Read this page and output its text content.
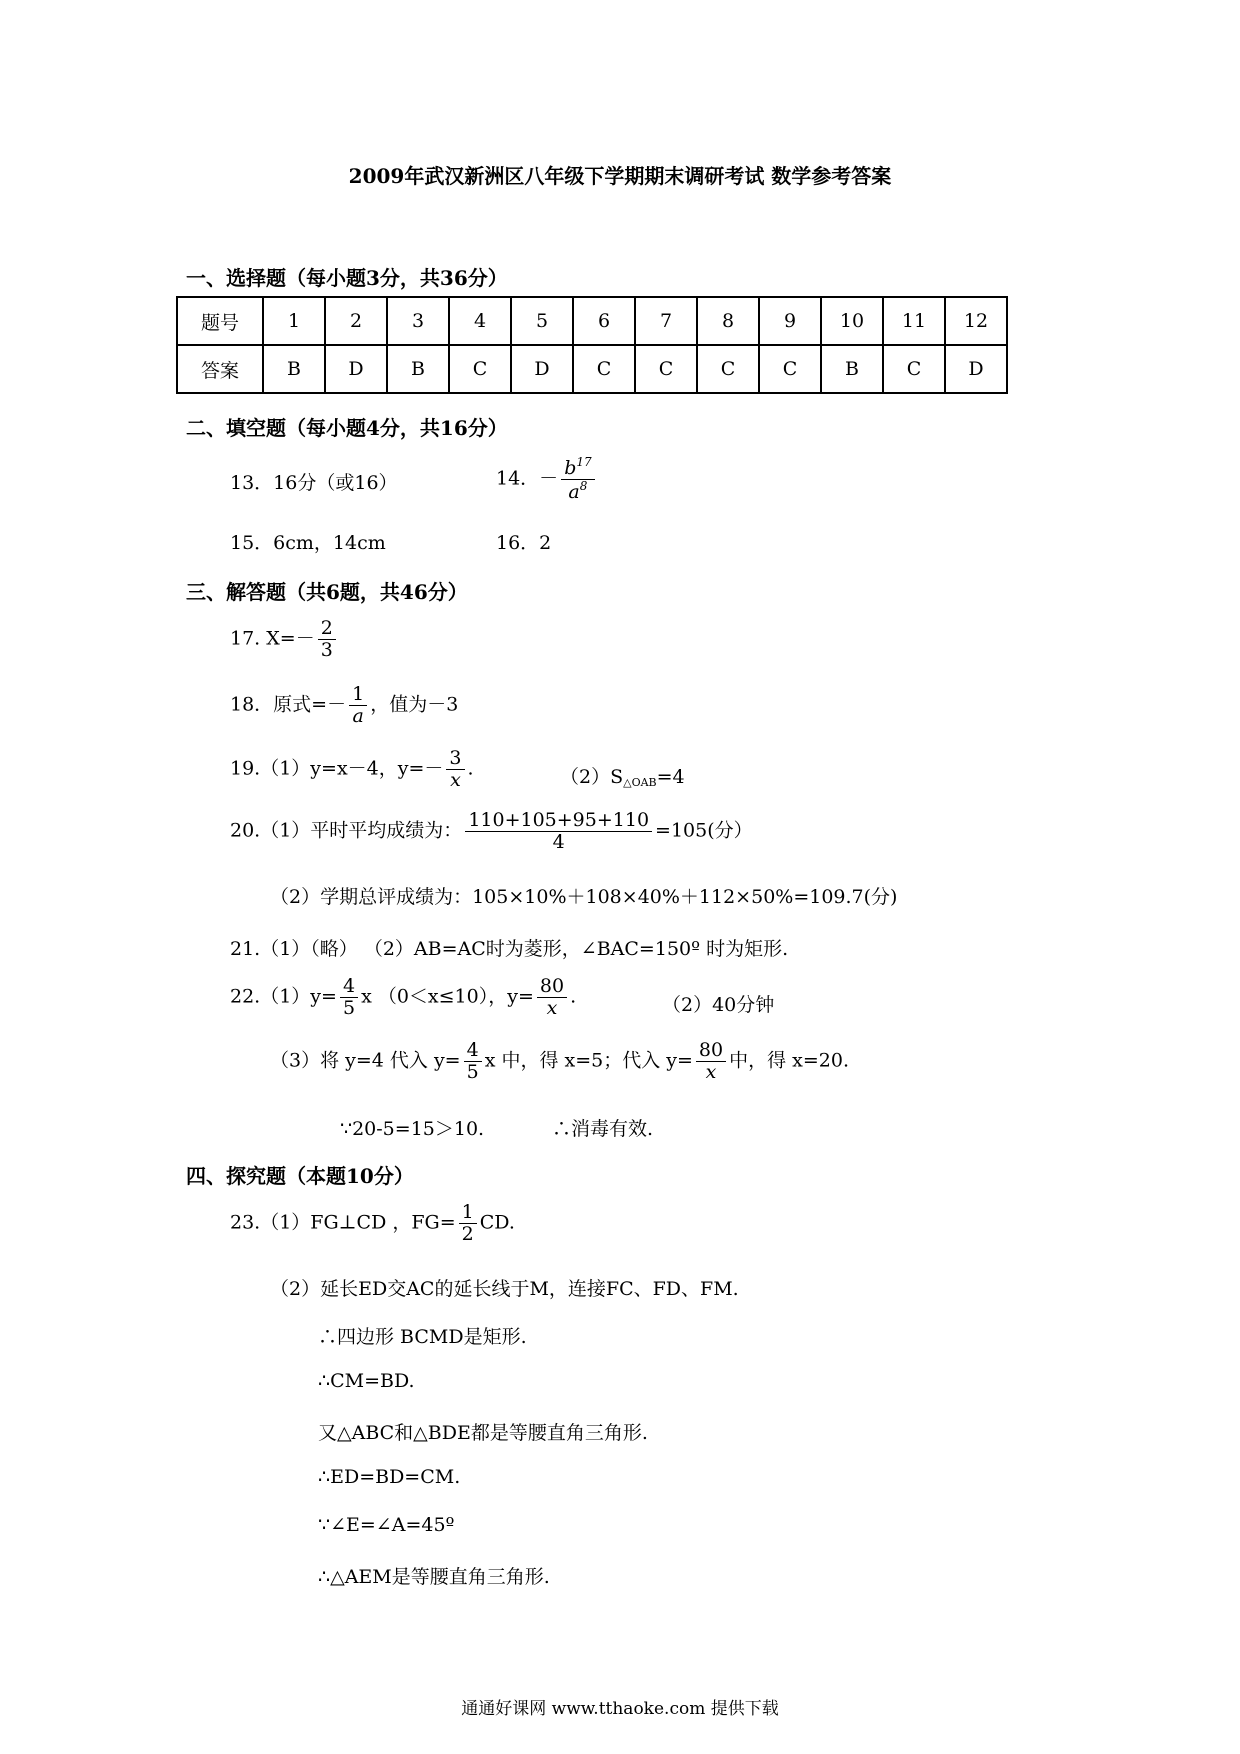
2009年武汉新洲区八年级下学期期末调研考试 数学参考答案
一、选择题（每小题3分，共36分）
题号	1	2	3	4	5	6	7	8	9	10	11	12
答案	B	D	B	C	D	C	C	C	C	B	C	D
二、填空题（每小题4分，共16分）
13．16分（或16）	14．－ $\frac{b^{17}}{a^8}$
15．6cm，14cm	16．2
三、解答题（共6题，共46分）
17. $X=- \frac{2}{3}$
18．原式=－ $\frac{1}{a}$ ，值为－3
19.（1）y=x－4，$y=- \frac{3}{x}$ .	$(2)S_{\triangle OAB}=4$
20.（1）平时平均成绩为： $\frac{110+105+95+110}{4} =105$(分）
（2）学期总评成绩为：105×10%＋108×40%＋112×50%=109.7(分)
21.（1）（略） （2）AB=AC时为菱形，∠BAC=150º 时为矩形.
$22.(1)y= \frac{4}{5}$ x （0＜x≤10），$y= \frac{80}{x}$ .	（2）40分钟
（3）将 y=4 代入 $y= \frac{4}{5}$ x 中，得 x=5；代入 $y= \frac{80}{x}$ 中，得 x=20.
∵20-5=15＞10.	∴消毒有效.
四、探究题（本题10分）
23.（1）FG⊥CD ，$FG= \frac{1}{2}$ CD.
（2）延长ED交AC的延长线于M，连接FC、FD、FM.
∴四边形 BCMD是矩形.
∴CM=BD.
又△ABC和△BDE都是等腰直角三角形.
∴ED=BD=CM.
∵∠E=∠A=45º
∴△AEM是等腰直角三角形.
通通好课网 www.tthaoke.com 提供下载
